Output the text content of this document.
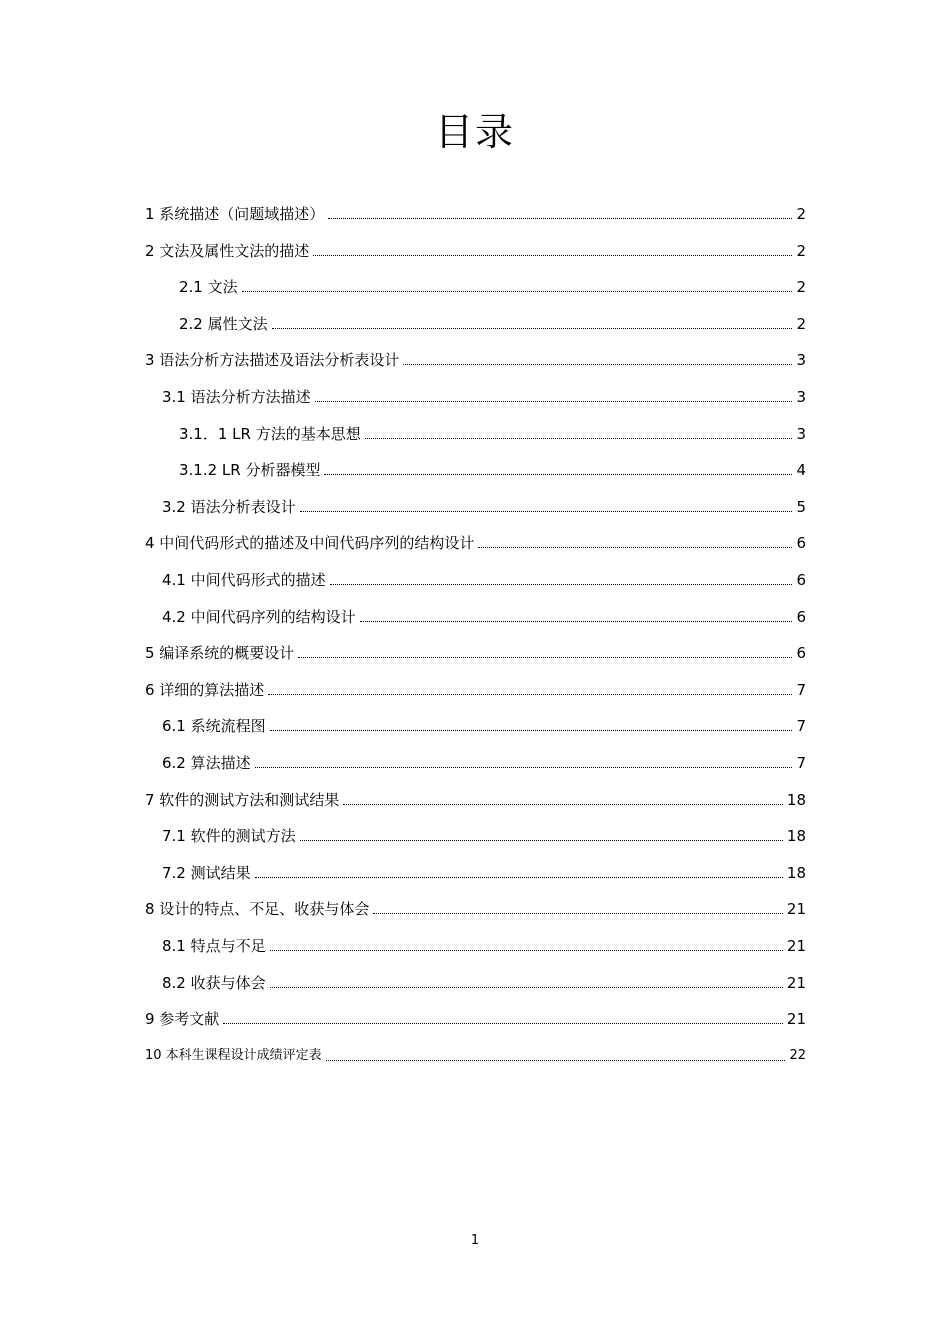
目录
1 系统描述（问题域描述）	2
2 文法及属性文法的描述	2
2.1 文法	2
2.2 属性文法	2
3 语法分析方法描述及语法分析表设计	3
3.1 语法分析方法描述	3
3.1．1 LR 方法的基本思想	3
3.1.2 LR 分析器模型	4
3.2 语法分析表设计	5
4 中间代码形式的描述及中间代码序列的结构设计	6
4.1 中间代码形式的描述	6
4.2 中间代码序列的结构设计	6
5 编译系统的概要设计	6
6 详细的算法描述	7
6.1 系统流程图	7
6.2 算法描述	7
7 软件的测试方法和测试结果	18
7.1 软件的测试方法	18
7.2 测试结果	18
8 设计的特点、不足、收获与体会	21
8.1 特点与不足	21
8.2 收获与体会	21
9 参考文献	21
10 本科生课程设计成绩评定表	22
1
